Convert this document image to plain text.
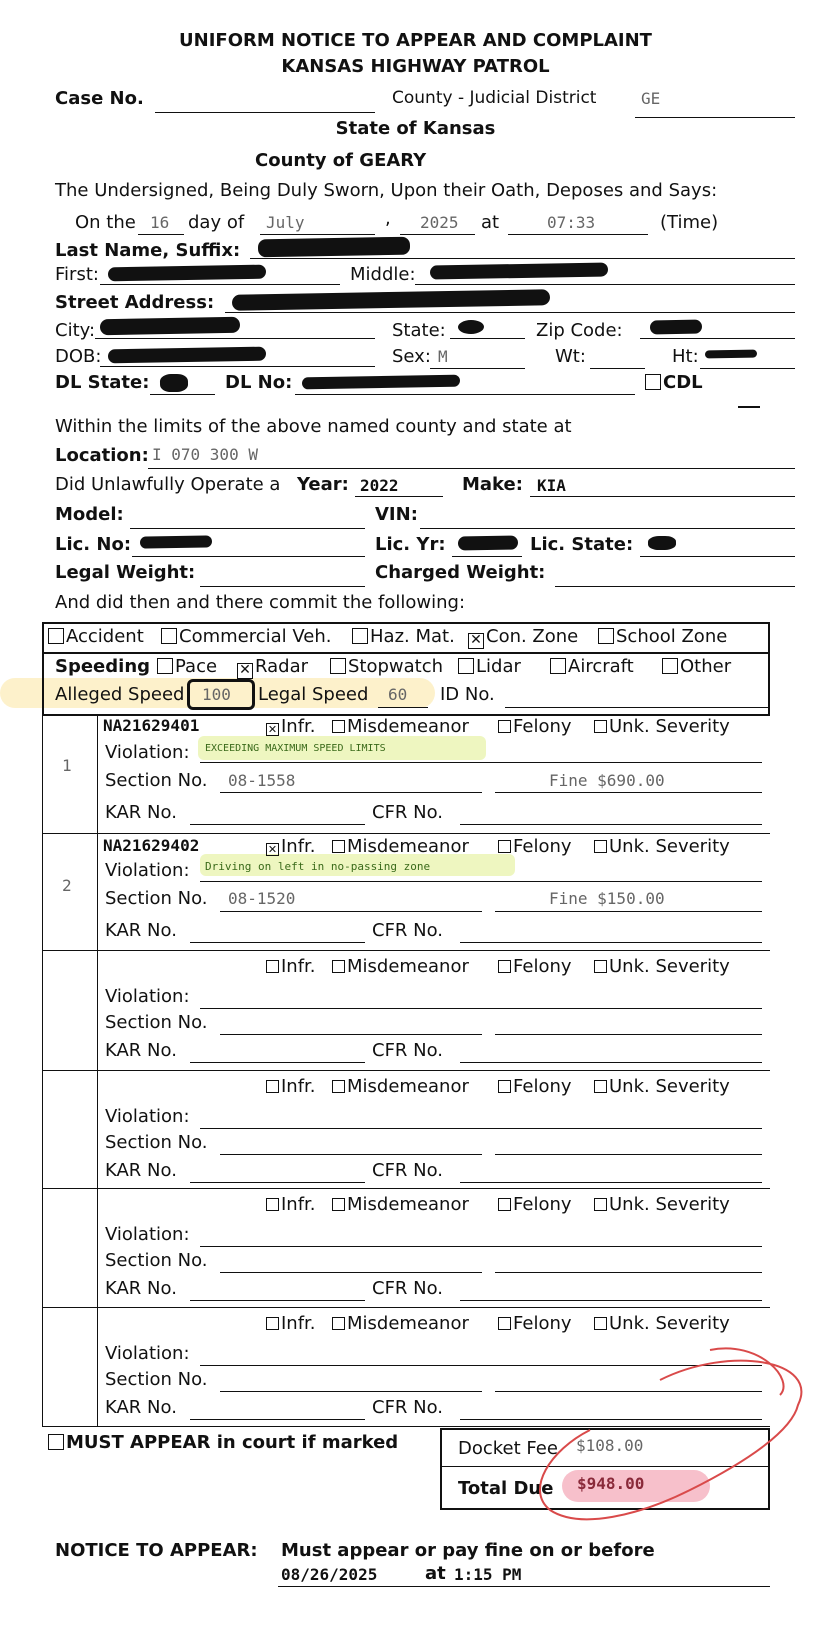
UNIFORM NOTICE TO APPEAR AND COMPLAINT
KANSAS HIGHWAY PATROL
Case No.	County - Judicial District	GE
State of Kansas
County of GEARY
The Undersigned, Being Duly Sworn, Upon their Oath, Deposes and Says:
On the 16 day of July	, 2025 at	07:33	(Time)
Last Name, Suffix:
First:	Middle:
Street Address:
City:	State:	Zip Code:
DOB:	Sex: M	Wt:	Ht:
DL State:	DL No:	CDL
Within the limits of the above named county and state at
Location: I 070 300 W
Did Unlawfully Operate a Year: 2022	Make: KIA
Model:	VIN:
Lic. No:	Lic. Yr:	Lic. State:
Legal Weight:	Charged Weight:
And did then and there commit the following:
Accident	Commercial Veh.	Haz. Mat. ✕ Con. Zone	School Zone
Speeding	Pace ✕ Radar	Stopwatch	Lidar	Aircraft	Other
Alleged Speed 100 Legal Speed 60 ID No.
1
NA21629401	✕ Infr.	Misdemeanor	Felony	Unk. Severity
Violation: EXCEEDING MAXIMUM SPEED LIMITS
Section No. 08-1558	Fine $690.00
KAR No.	CFR No.
2
NA21629402	✕ Infr.	Misdemeanor	Felony	Unk. Severity
Violation: Driving on left in no-passing zone
Section No. 08-1520	Fine $150.00
KAR No.	CFR No.
Infr.	Misdemeanor	Felony	Unk. Severity
Violation:
Section No.
KAR No.	CFR No.
Infr.	Misdemeanor	Felony	Unk. Severity
Violation:
Section No.
KAR No.	CFR No.
Infr.	Misdemeanor	Felony	Unk. Severity
Violation:
Section No.
KAR No.	CFR No.
Infr.	Misdemeanor	Felony	Unk. Severity
Violation:
Section No.
KAR No.	CFR No.
MUST APPEAR in court if marked	Docket Fee $108.00
Total Due $948.00
NOTICE TO APPEAR: Must appear or pay fine on or before
08/26/2025	at 1:15 PM
